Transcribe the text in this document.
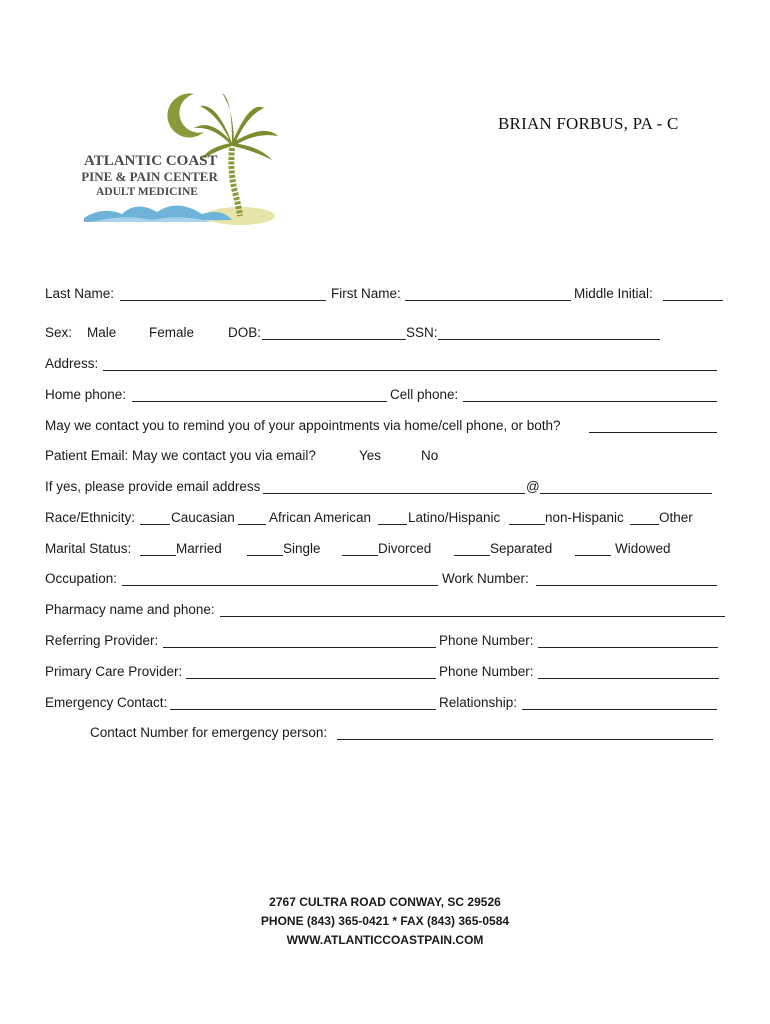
ATLANTIC COAST
SPINE & PAIN CENTER
ADULT MEDICINE
BRIAN FORBUS, PA - C
Last Name:	First Name:	Middle Initial:
Sex: Male Female	DOB:	SSN:
Address:
Home phone:	Cell phone:
May we contact you to remind you of your appointments via home/cell phone, or both?
Patient Email: May we contact you via email?	Yes	No
If yes, please provide email address	@
Race/Ethnicity:	Caucasian	African American	Latino/Hispanic	non-Hispanic	Other
Marital Status:	Married	Single	Divorced	Separated	Widowed
Occupation:	Work Number:
Pharmacy name and phone:
Referring Provider:	Phone Number:
Primary Care Provider:	Phone Number:
Emergency Contact:	Relationship:
Contact Number for emergency person:
2767 CULTRA ROAD CONWAY, SC 29526
PHONE (843) 365-0421 * FAX (843) 365-0584
WWW.ATLANTICCOASTPAIN.COM
